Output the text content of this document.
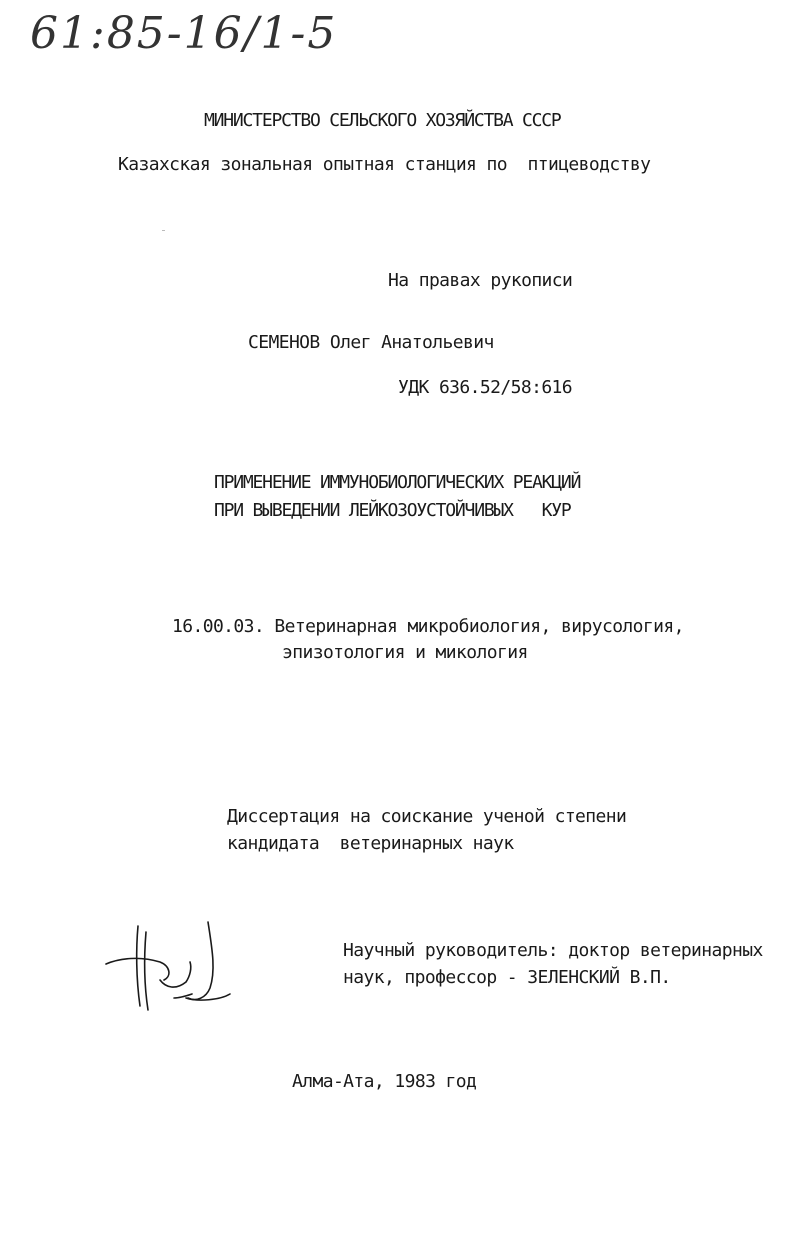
61:85-16/1-5
МИНИСТЕРСТВО СЕЛЬСКОГО ХОЗЯЙСТВА СССР
Казахская зональная опытная станция по  птицеводству
На правах рукописи
СЕМЕНОВ Олег Анатольевич
УДК 636.52/58:616
ПРИМЕНЕНИЕ ИММУНОБИОЛОГИЧЕСКИХ РЕАКЦИЙ
ПРИ ВЫВЕДЕНИИ ЛЕЙКОЗОУСТОЙЧИВЫХ   КУР
16.00.03. Ветеринарная микробиология, вирусология,
эпизотология и микология
Диссертация на соискание ученой степени
кандидата  ветеринарных наук
Научный руководитель: доктор ветеринарных
наук, профессор - ЗЕЛЕНСКИЙ В.П.
Алма-Ата, 1983 год
